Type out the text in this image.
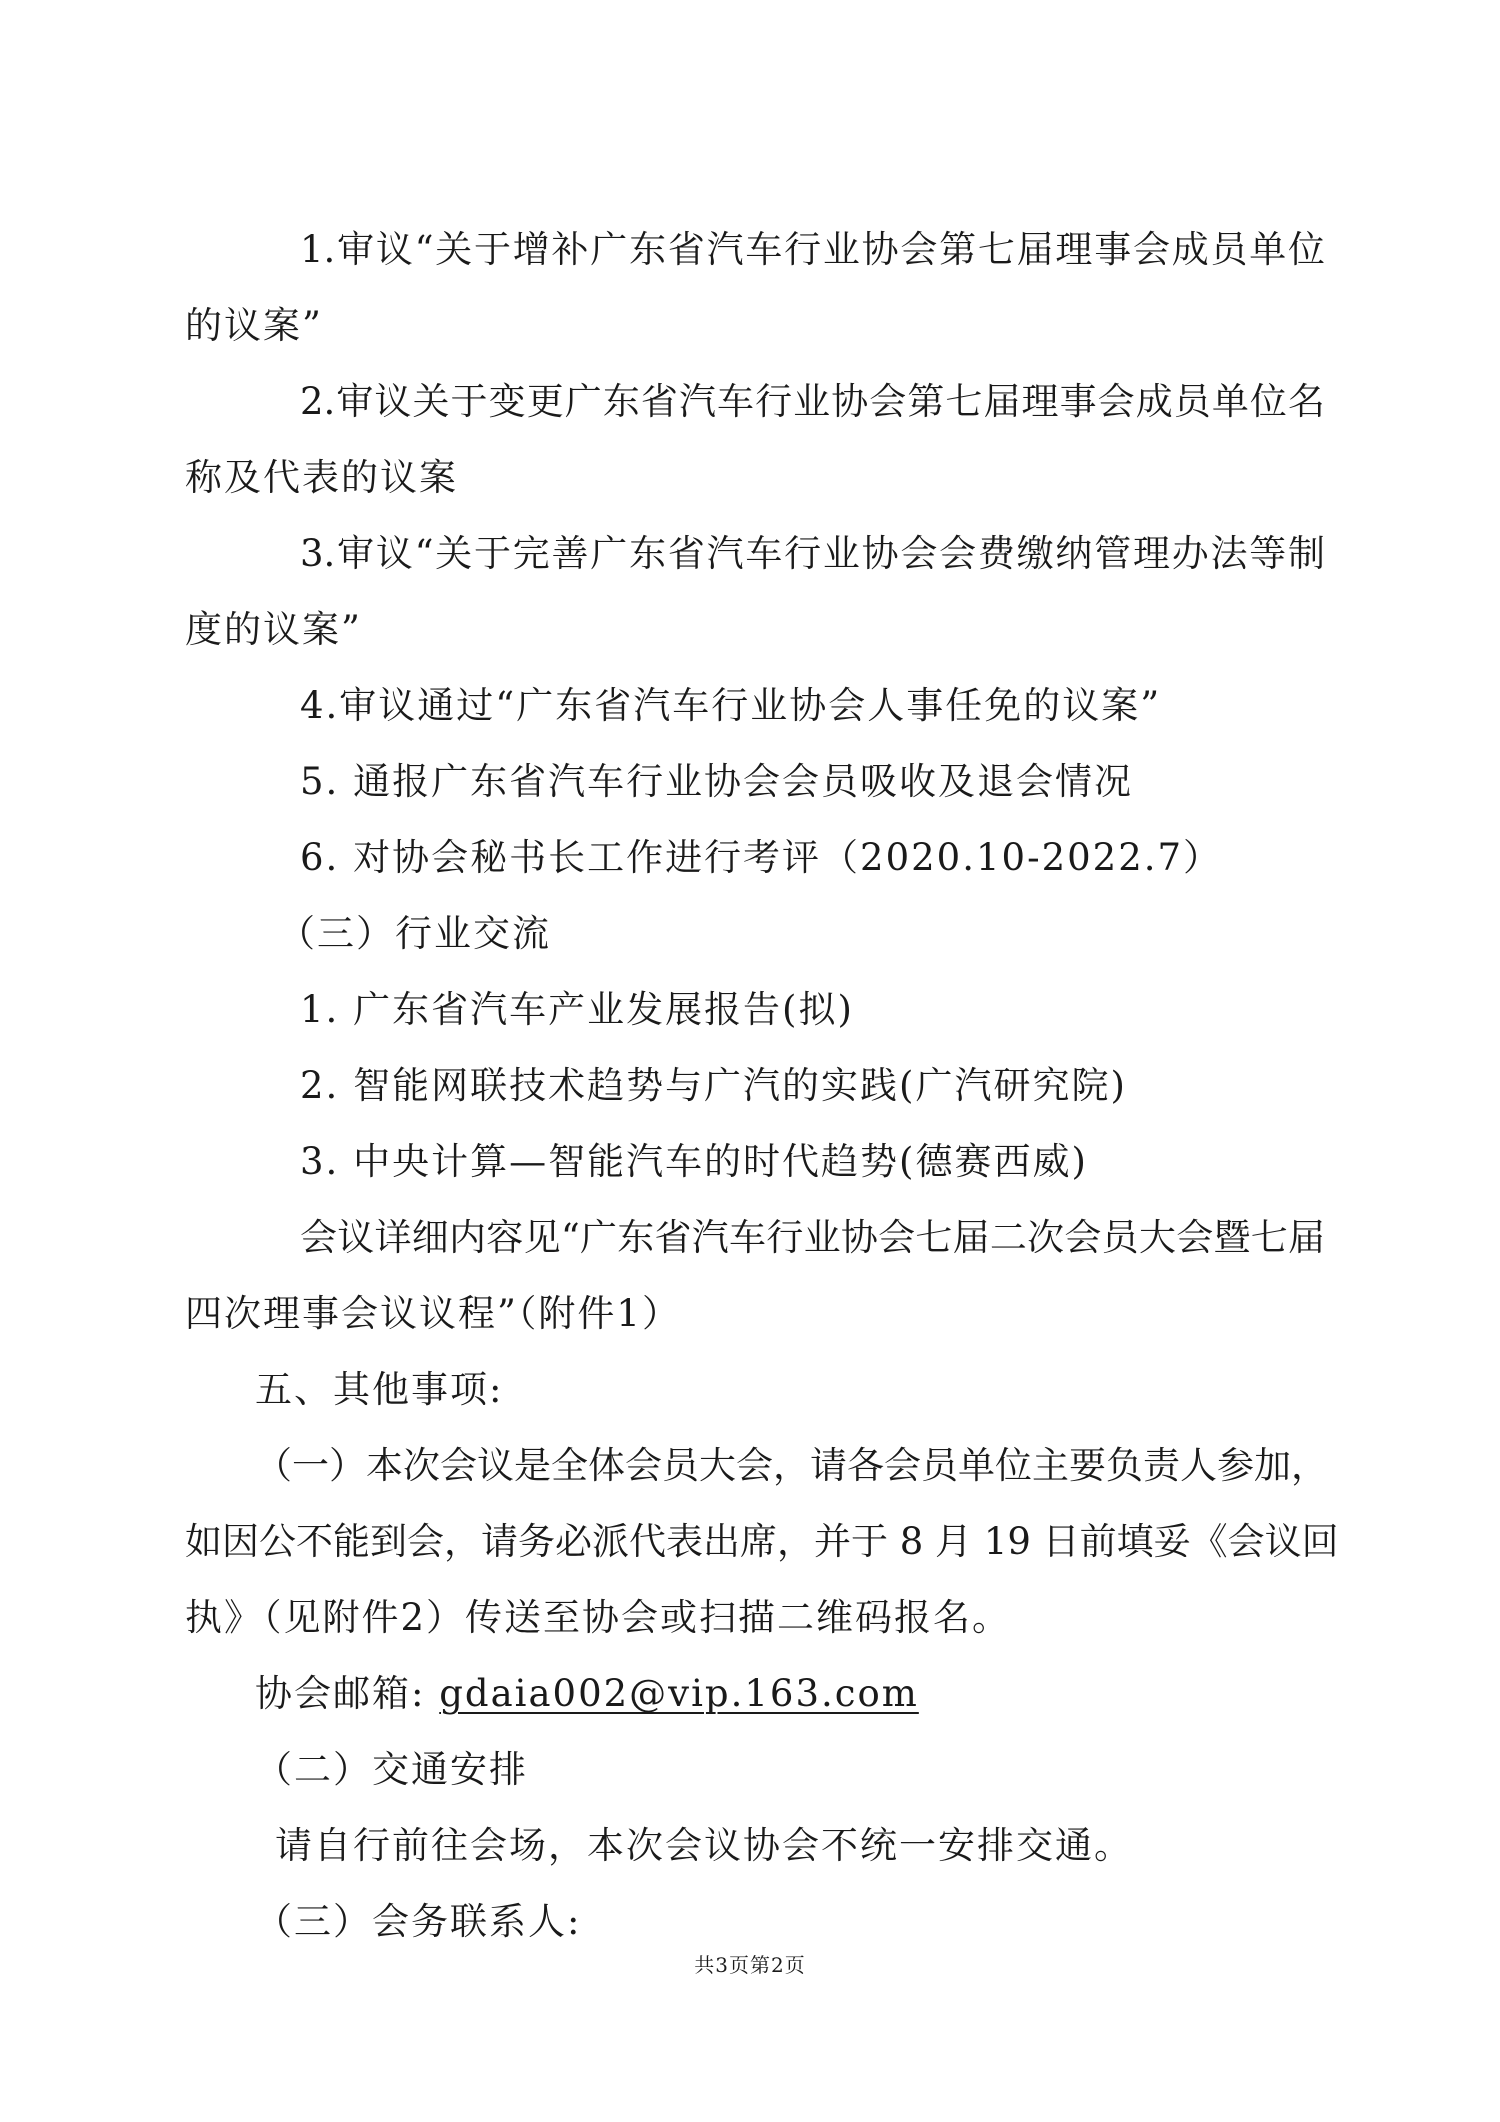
1.审议“关于增补广东省汽车行业协会第七届理事会成员单位
的议案”
2.审议关于变更广东省汽车行业协会第七届理事会成员单位名
称及代表的议案
3.审议“关于完善广东省汽车行业协会会费缴纳管理办法等制
度的议案”
4.审议通过“广东省汽车行业协会人事任免的议案”
5. 通报广东省汽车行业协会会员吸收及退会情况
6. 对协会秘书长工作进行考评（2020.10-2022.7）
（三）行业交流
1. 广东省汽车产业发展报告(拟)
2. 智能网联技术趋势与广汽的实践(广汽研究院)
3. 中央计算—智能汽车的时代趋势(德赛西威)
会议详细内容见“广东省汽车行业协会七届二次会员大会暨七届
四次理事会议议程”（附件1）
五、其他事项:
（一）本次会议是全体会员大会，请各会员单位主要负责人参加，
如因公不能到会，请务必派代表出席，并于 8 月 19 日前填妥《会议回
执》（见附件2）传送至协会或扫描二维码报名。
协会邮箱: gdaia002@vip.163.com
（二）交通安排
请自行前往会场，本次会议协会不统一安排交通。
（三）会务联系人:
共3页第2页
